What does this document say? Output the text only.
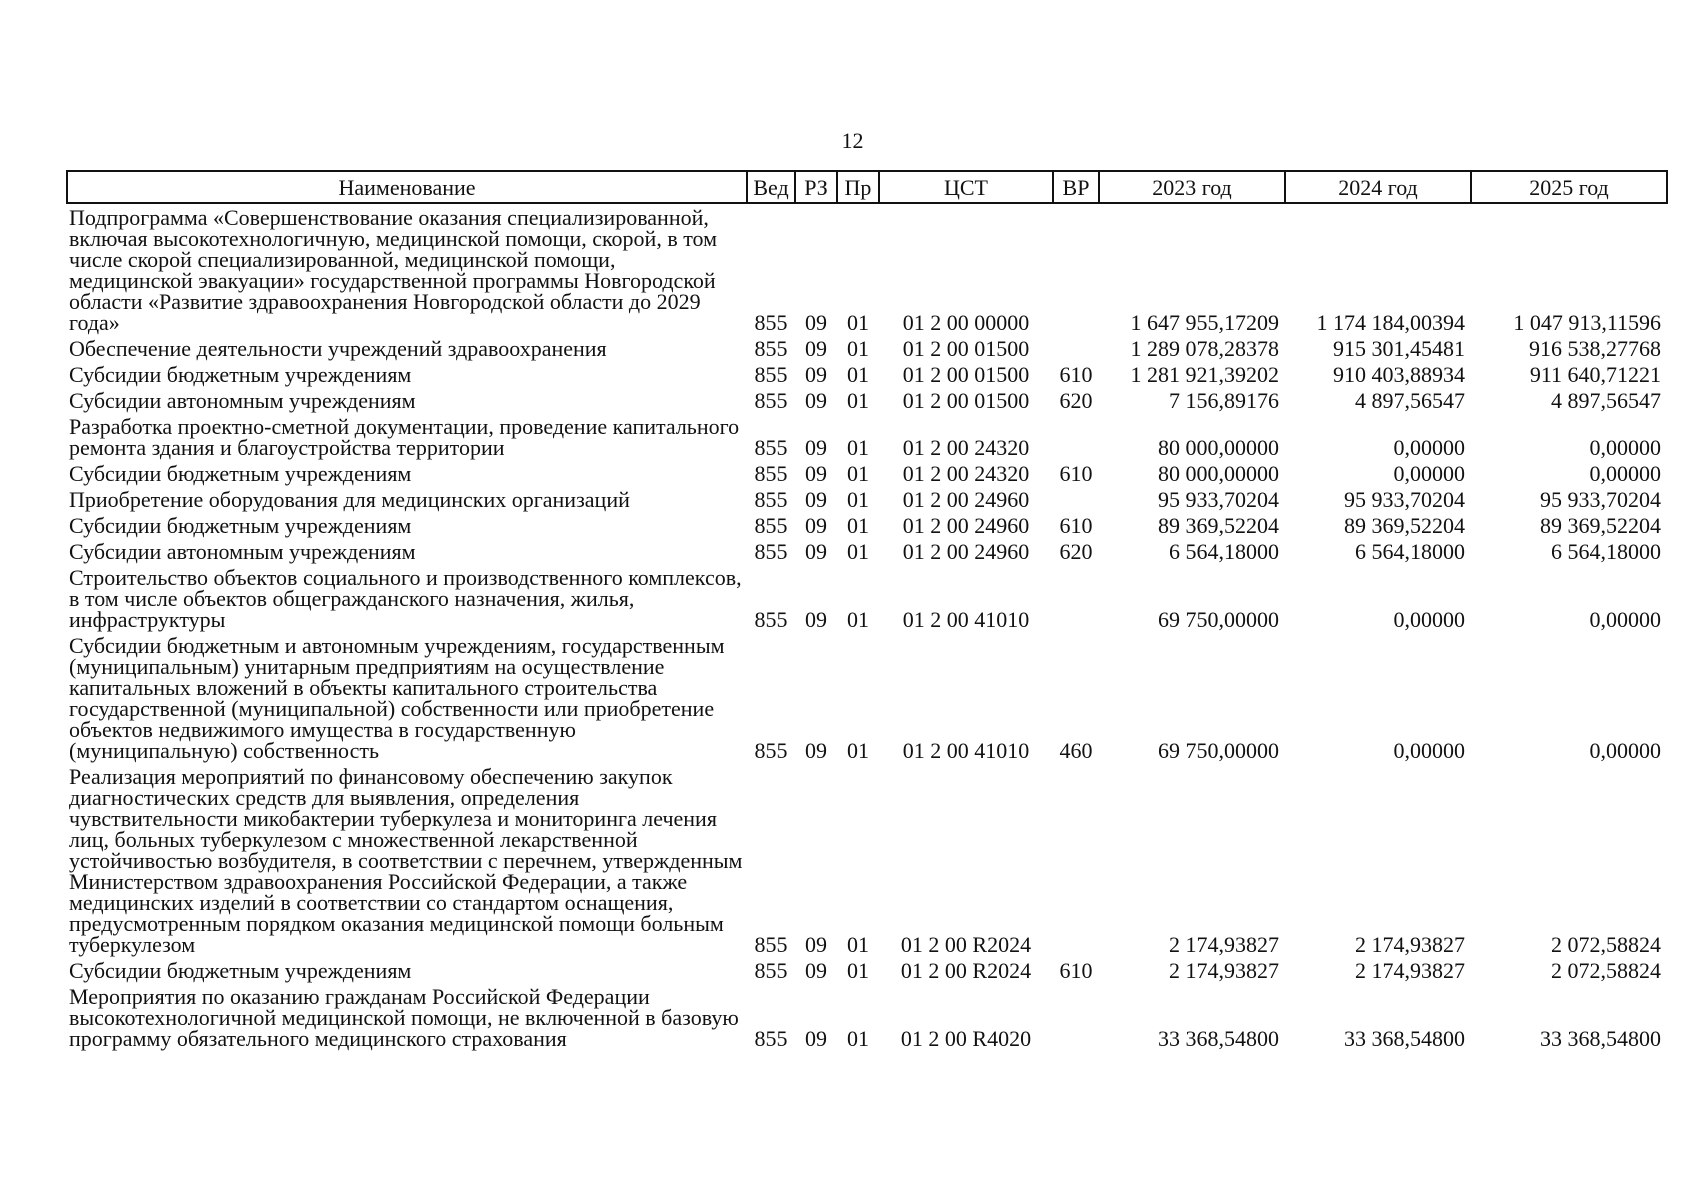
12
Наименование	Вед	РЗ	Пр	ЦСТ	ВР	2023 год	2024 год	2025 год
Подпрограмма «Совершенствование оказания специализированной, включая высокотехнологичную, медицинской помощи, скорой, в том числе скорой специализированной, медицинской помощи, медицинской эвакуации» государственной программы Новгородской области «Развитие здравоохранения Новгородской области до 2029 года»	855	09	01	01 2 00 00000		1 647 955,17209	1 174 184,00394	1 047 913,11596
Обеспечение деятельности учреждений здравоохранения	855	09	01	01 2 00 01500		1 289 078,28378	915 301,45481	916 538,27768
Субсидии бюджетным учреждениям	855	09	01	01 2 00 01500	610	1 281 921,39202	910 403,88934	911 640,71221
Субсидии автономным учреждениям	855	09	01	01 2 00 01500	620	7 156,89176	4 897,56547	4 897,56547
Разработка проектно-сметной документации, проведение капитального ремонта здания и благоустройства территории	855	09	01	01 2 00 24320		80 000,00000	0,00000	0,00000
Субсидии бюджетным учреждениям	855	09	01	01 2 00 24320	610	80 000,00000	0,00000	0,00000
Приобретение оборудования для медицинских организаций	855	09	01	01 2 00 24960		95 933,70204	95 933,70204	95 933,70204
Субсидии бюджетным учреждениям	855	09	01	01 2 00 24960	610	89 369,52204	89 369,52204	89 369,52204
Субсидии автономным учреждениям	855	09	01	01 2 00 24960	620	6 564,18000	6 564,18000	6 564,18000
Строительство объектов социального и производственного комплексов, в том числе объектов общегражданского назначения, жилья, инфраструктуры	855	09	01	01 2 00 41010		69 750,00000	0,00000	0,00000
Субсидии бюджетным и автономным учреждениям, государственным (муниципальным) унитарным предприятиям на осуществление капитальных вложений в объекты капитального строительства государственной (муниципальной) собственности или приобретение объектов недвижимого имущества в государственную (муниципальную) собственность	855	09	01	01 2 00 41010	460	69 750,00000	0,00000	0,00000
Реализация мероприятий по финансовому обеспечению закупок диагностических средств для выявления, определения чувствительности микобактерии туберкулеза и мониторинга лечения лиц, больных туберкулезом с множественной лекарственной устойчивостью возбудителя, в соответствии с перечнем, утвержденным Министерством здравоохранения Российской Федерации, а также медицинских изделий в соответствии со стандартом оснащения, предусмотренным порядком оказания медицинской помощи больным туберкулезом	855	09	01	01 2 00 R2024		2 174,93827	2 174,93827	2 072,58824
Субсидии бюджетным учреждениям	855	09	01	01 2 00 R2024	610	2 174,93827	2 174,93827	2 072,58824
Мероприятия по оказанию гражданам Российской Федерации высокотехнологичной медицинской помощи, не включенной в базовую программу обязательного медицинского страхования	855	09	01	01 2 00 R4020		33 368,54800	33 368,54800	33 368,54800
